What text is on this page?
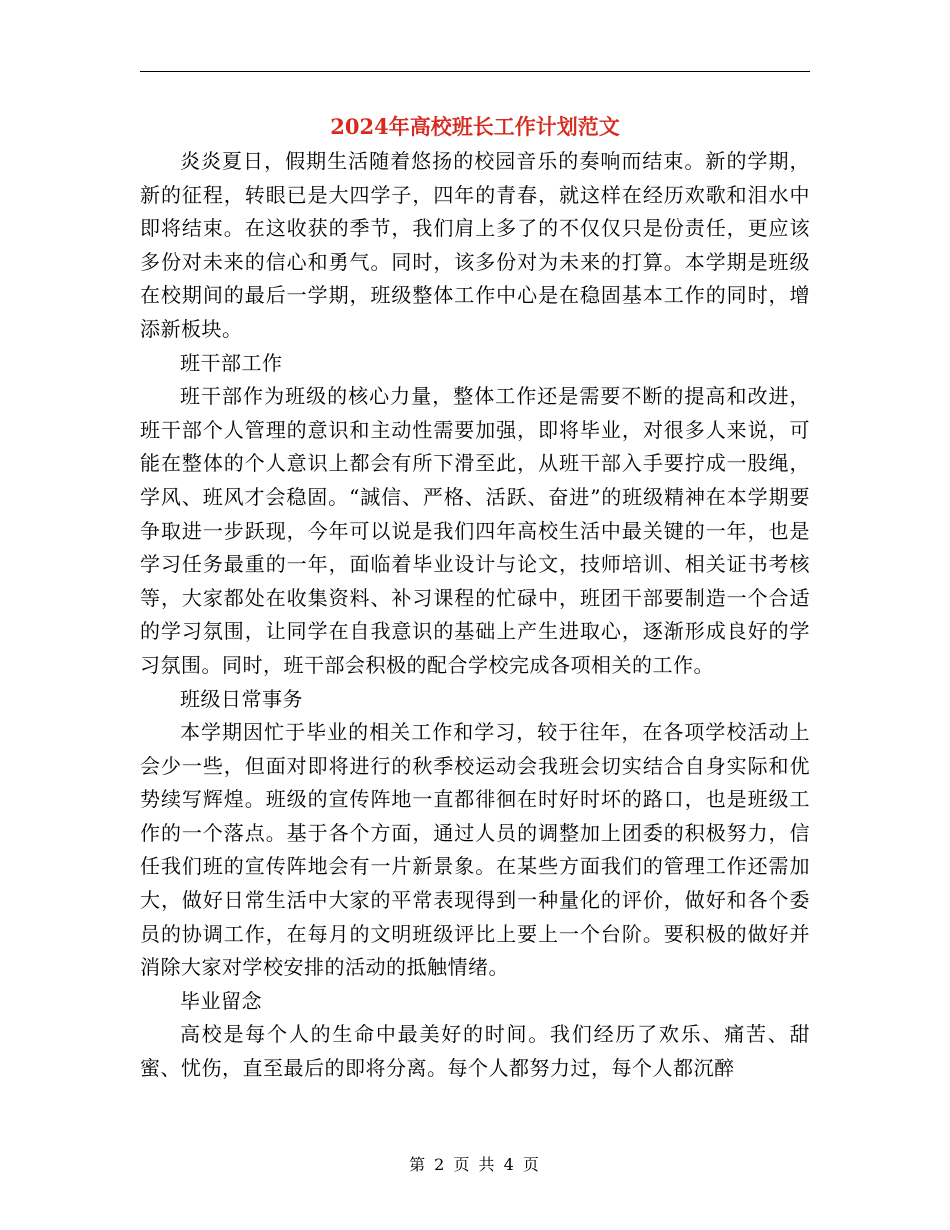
2024年高校班长工作计划范文

炎炎夏日，假期生活随着悠扬的校园音乐的奏响而结束。新的学期，新的征程，转眼已是大四学子，四年的青春，就这样在经历欢歌和泪水中即将结束。在这收获的季节，我们肩上多了的不仅仅只是份责任，更应该多份对未来的信心和勇气。同时，该多份对为未来的打算。本学期是班级在校期间的最后一学期，班级整体工作中心是在稳固基本工作的同时，增添新板块。

班干部工作

班干部作为班级的核心力量，整体工作还是需要不断的提高和改进，班干部个人管理的意识和主动性需要加强，即将毕业，对很多人来说，可能在整体的个人意识上都会有所下滑至此，从班干部入手要拧成一股绳，学风、班风才会稳固。“誠信、严格、活跃、奋进”的班级精神在本学期要争取进一步跃现，今年可以说是我们四年高校生活中最关键的一年，也是学习任务最重的一年，面临着毕业设计与论文，技师培训、相关证书考核等，大家都处在收集资料、补习课程的忙碌中，班团干部要制造一个合适的学习氛围，让同学在自我意识的基础上产生进取心，逐渐形成良好的学习氛围。同时，班干部会积极的配合学校完成各项相关的工作。

班级日常事务

本学期因忙于毕业的相关工作和学习，较于往年，在各项学校活动上会少一些，但面对即将进行的秋季校运动会我班会切实结合自身实际和优势续写辉煌。班级的宣传阵地一直都徘徊在时好时坏的路口，也是班级工作的一个落点。基于各个方面，通过人员的调整加上团委的积极努力，信任我们班的宣传阵地会有一片新景象。在某些方面我们的管理工作还需加大，做好日常生活中大家的平常表现得到一种量化的评价，做好和各个委员的协调工作，在每月的文明班级评比上要上一个台阶。要积极的做好并消除大家对学校安排的活动的抵触情绪。

毕业留念

高校是每个人的生命中最美好的时间。我们经历了欢乐、痛苦、甜蜜、忧伤，直至最后的即将分离。每个人都努力过，每个人都沉醉

第 2 页 共 4 页
